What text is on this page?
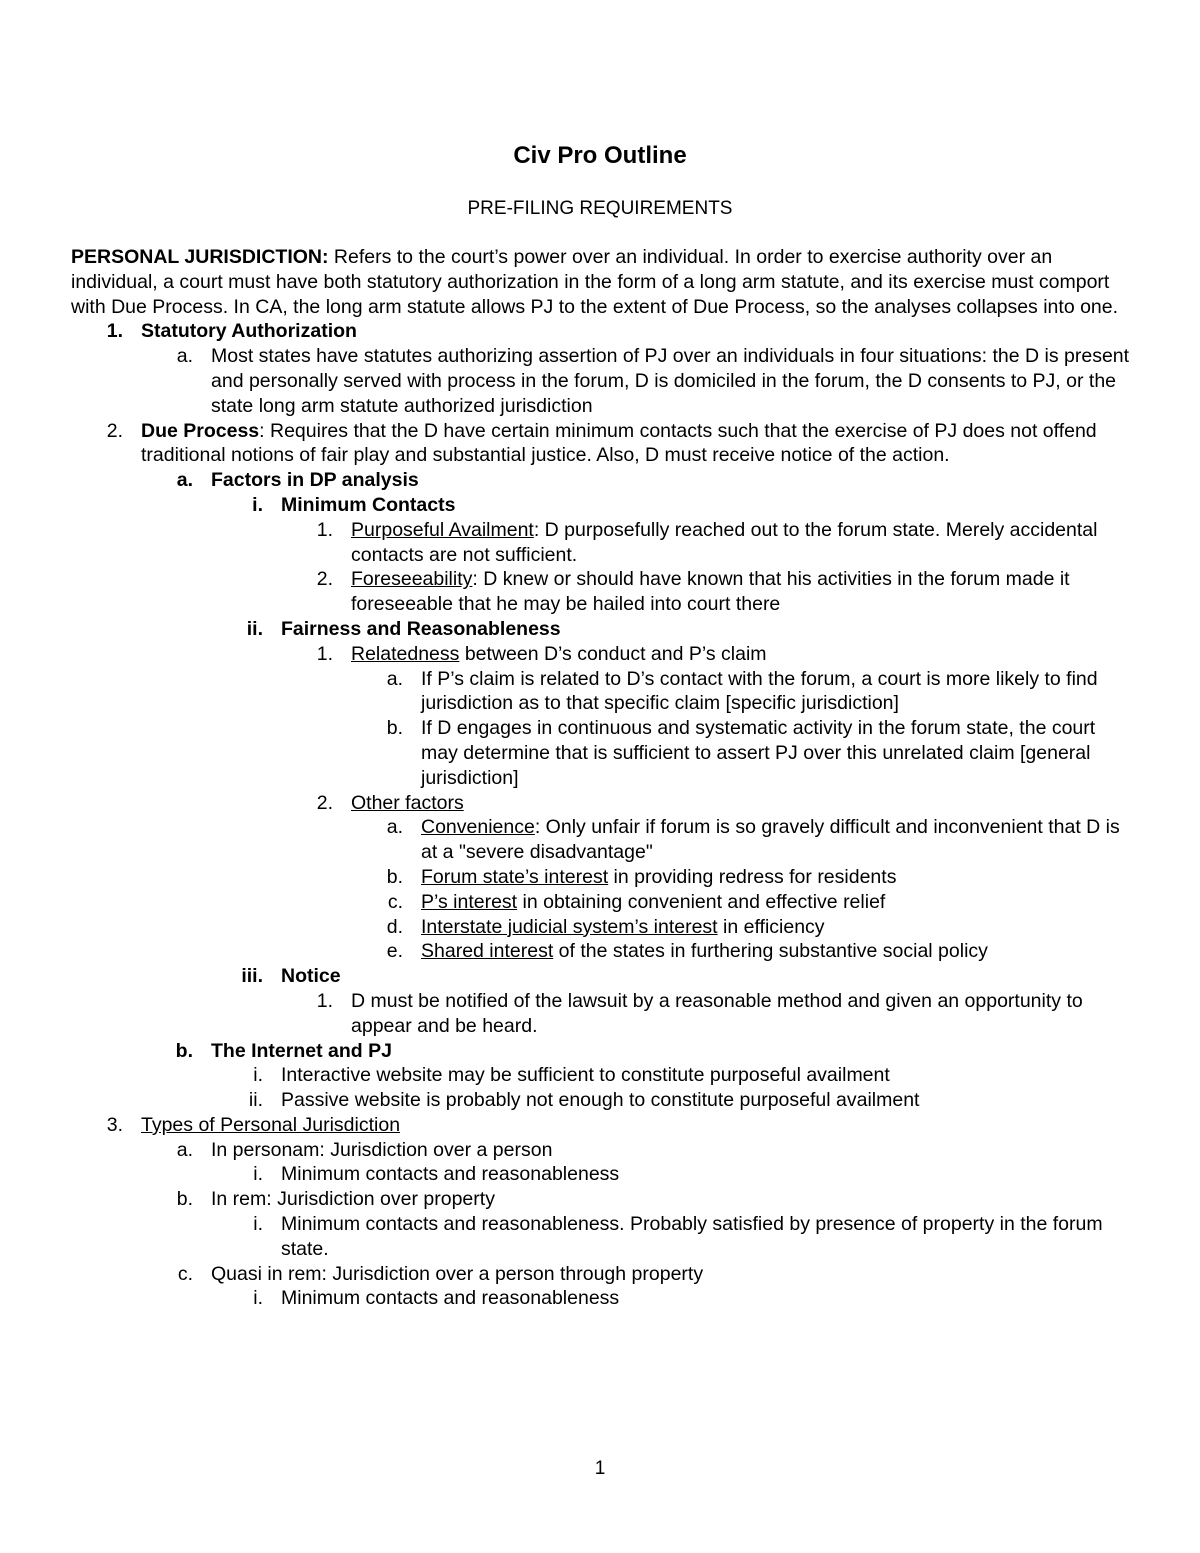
Civ Pro Outline
PRE-FILING REQUIREMENTS

PERSONAL JURISDICTION: Refers to the court’s power over an individual. In order to exercise authority over an individual, a court must have both statutory authorization in the form of a long arm statute, and its exercise must comport with Due Process. In CA, the long arm statute allows PJ to the extent of Due Process, so the analyses collapses into one.

1. Statutory Authorization
a. Most states have statutes authorizing assertion of PJ over an individuals in four situations: the D is present and personally served with process in the forum, D is domiciled in the forum, the D consents to PJ, or the state long arm statute authorized jurisdiction
2. Due Process: Requires that the D have certain minimum contacts such that the exercise of PJ does not offend traditional notions of fair play and substantial justice. Also, D must receive notice of the action.
a. Factors in DP analysis
i. Minimum Contacts
1. Purposeful Availment: D purposefully reached out to the forum state. Merely accidental contacts are not sufficient.
2. Foreseeability: D knew or should have known that his activities in the forum made it foreseeable that he may be hailed into court there
ii. Fairness and Reasonableness
1. Relatedness between D’s conduct and P’s claim
a. If P’s claim is related to D’s contact with the forum, a court is more likely to find jurisdiction as to that specific claim [specific jurisdiction]
b. If D engages in continuous and systematic activity in the forum state, the court may determine that is sufficient to assert PJ over this unrelated claim [general jurisdiction]
2. Other factors
a. Convenience: Only unfair if forum is so gravely difficult and inconvenient that D is at a "severe disadvantage"
b. Forum state’s interest in providing redress for residents
c. P’s interest in obtaining convenient and effective relief
d. Interstate judicial system’s interest in efficiency
e. Shared interest of the states in furthering substantive social policy
iii. Notice
1. D must be notified of the lawsuit by a reasonable method and given an opportunity to appear and be heard.
b. The Internet and PJ
i. Interactive website may be sufficient to constitute purposeful availment
ii. Passive website is probably not enough to constitute purposeful availment
3. Types of Personal Jurisdiction
a. In personam: Jurisdiction over a person
i. Minimum contacts and reasonableness
b. In rem: Jurisdiction over property
i. Minimum contacts and reasonableness. Probably satisfied by presence of property in the forum state.
c. Quasi in rem: Jurisdiction over a person through property
i. Minimum contacts and reasonableness
1
